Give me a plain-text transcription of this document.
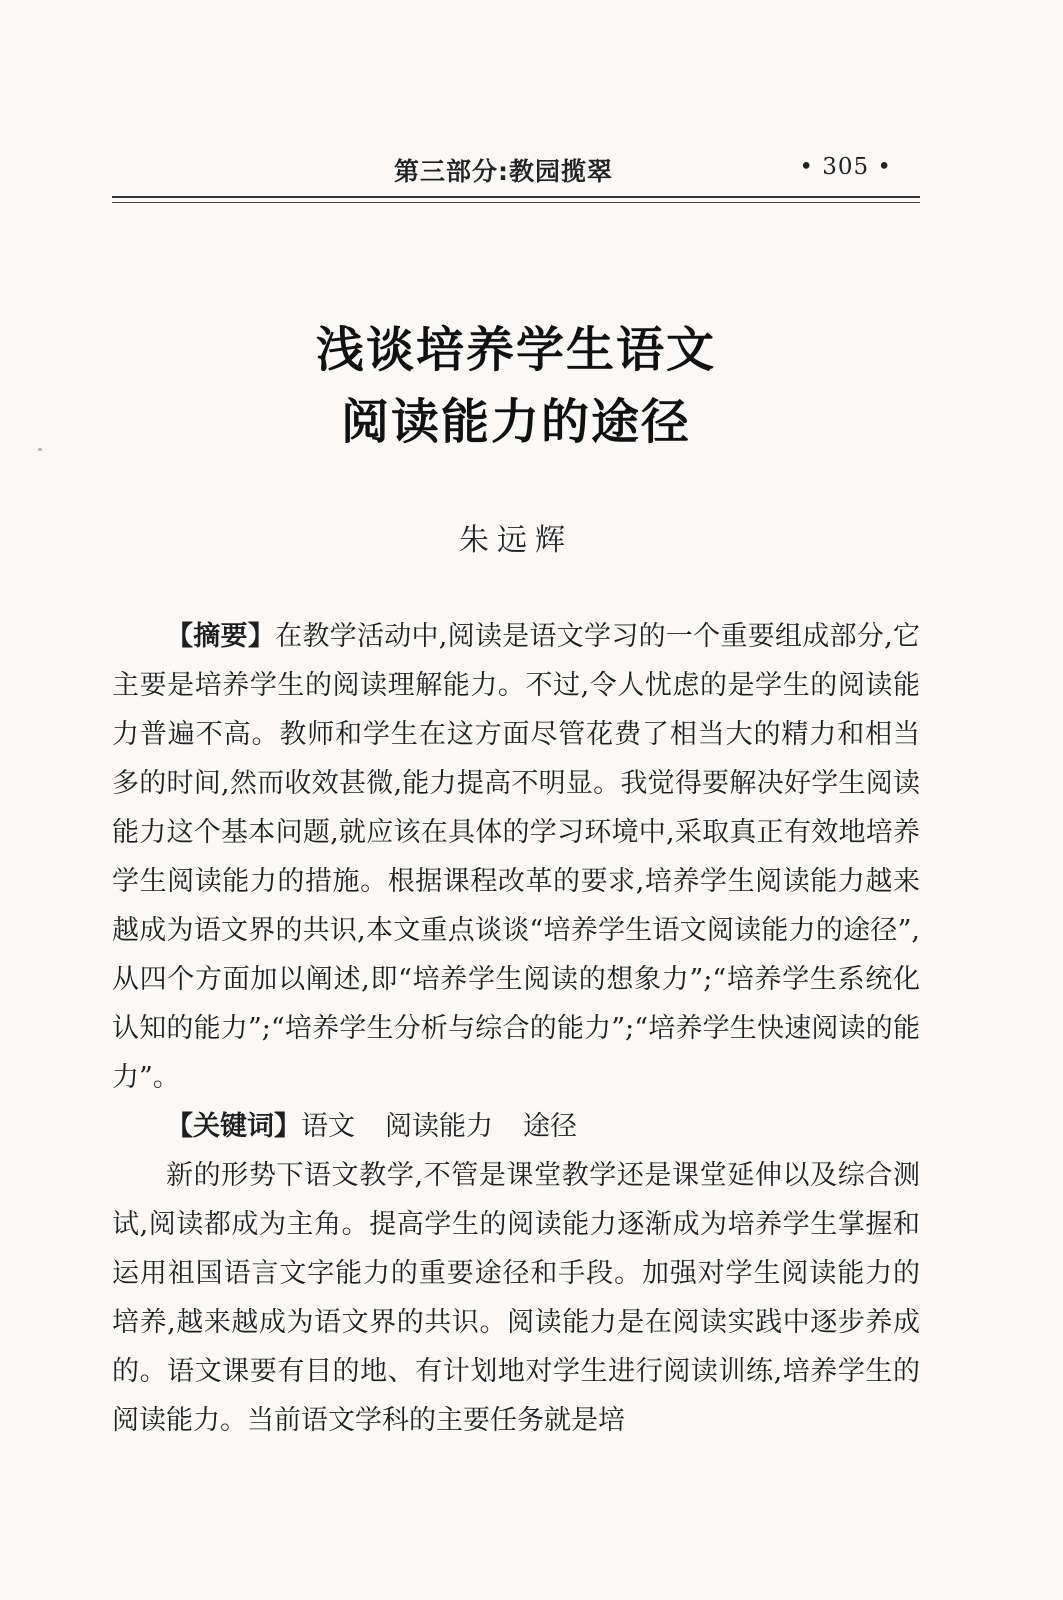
第三部分:教园揽翠	• 305 •
浅谈培养学生语文
阅读能力的途径
朱远辉

【摘要】在教学活动中,阅读是语文学习的一个重要组成部分,它主要是培养学生的阅读理解能力。不过,令人忧虑的是学生的阅读能力普遍不高。教师和学生在这方面尽管花费了相当大的精力和相当多的时间,然而收效甚微,能力提高不明显。我觉得要解决好学生阅读能力这个基本问题,就应该在具体的学习环境中,采取真正有效地培养学生阅读能力的措施。根据课程改革的要求,培养学生阅读能力越来越成为语文界的共识,本文重点谈谈“培养学生语文阅读能力的途径”,从四个方面加以阐述,即“培养学生阅读的想象力”;“培养学生系统化认知的能力”;“培养学生分析与综合的能力”;“培养学生快速阅读的能力”。

【关键词】语文 阅读能力 途径

新的形势下语文教学,不管是课堂教学还是课堂延伸以及综合测试,阅读都成为主角。提高学生的阅读能力逐渐成为培养学生掌握和运用祖国语言文字能力的重要途径和手段。加强对学生阅读能力的培养,越来越成为语文界的共识。阅读能力是在阅读实践中逐步养成的。语文课要有目的地、有计划地对学生进行阅读训练,培养学生的阅读能力。当前语文学科的主要任务就是培
